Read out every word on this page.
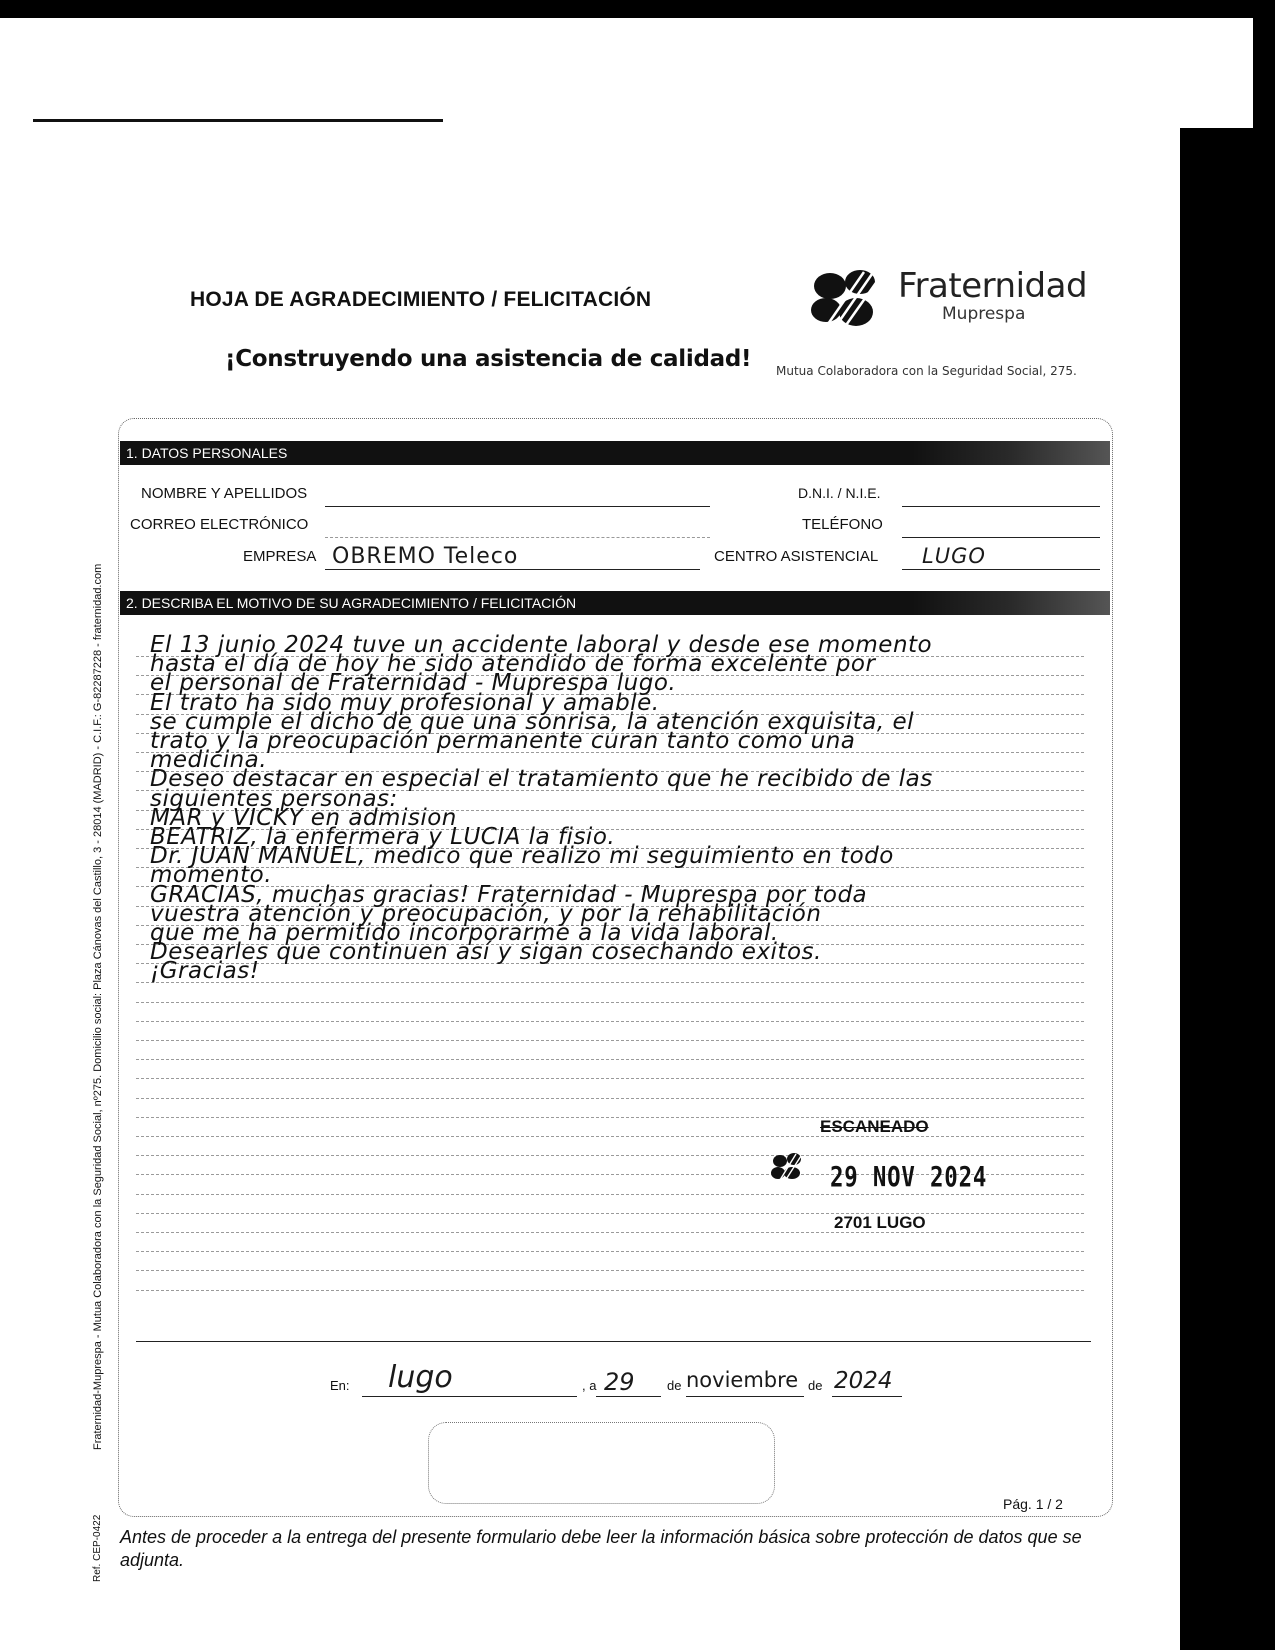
HOJA DE AGRADECIMIENTO / FELICITACIÓN
¡Construyendo una asistencia de calidad!
Fraternidad
Muprespa
Mutua Colaboradora con la Seguridad Social, 275.
1. DATOS PERSONALES
NOMBRE Y APELLIDOS	D.N.I. / N.I.E.
CORREO ELECTRÓNICO	TELÉFONO
EMPRESA OBREMO Teleco	CENTRO ASISTENCIAL LUGO
2. DESCRIBA EL MOTIVO DE SU AGRADECIMIENTO / FELICITACIÓN
El 13 junio 2024 tuve un accidente laboral y desde ese momento
hasta el día de hoy he sido atendido de forma excelente por
el personal de Fraternidad - Muprespa lugo.
El trato ha sido muy profesional y amable.
se cumple el dicho de que una sonrisa, la atención exquisita, el
trato y la preocupación permanente curan tanto como una
medicina.
Deseo destacar en especial el tratamiento que he recibido de las
siguientes personas:
MAR y VICKY en admision
BEATRIZ, la enfermera y LUCIA la fisio.
Dr. JUAN MANUEL, medico que realizo mi seguimiento en todo
momento.
GRACIAS, muchas gracias! Fraternidad - Muprespa por toda
vuestra atención y preocupación, y por la rehabilitación
que me ha permitido incorporarme a la vida laboral.
Desearles que continuen así y sigan cosechando exitos.
¡Gracias!
ESCANEADO
29 NOV 2024
2701 LUGO
En: lugo	, a 29 de noviembre de 2024
Pág. 1 / 2
Antes de proceder a la entrega del presente formulario debe leer la información básica sobre protección de datos que se adjunta.
Fraternidad-Muprespa - Mutua Colaboradora con la Seguridad Social, nº275. Domicilio social: Plaza Cánovas del Castillo, 3 - 28014 (MADRID) - C.I.F.: G-82287228 - fraternidad.com
Ref. CEP-0422
